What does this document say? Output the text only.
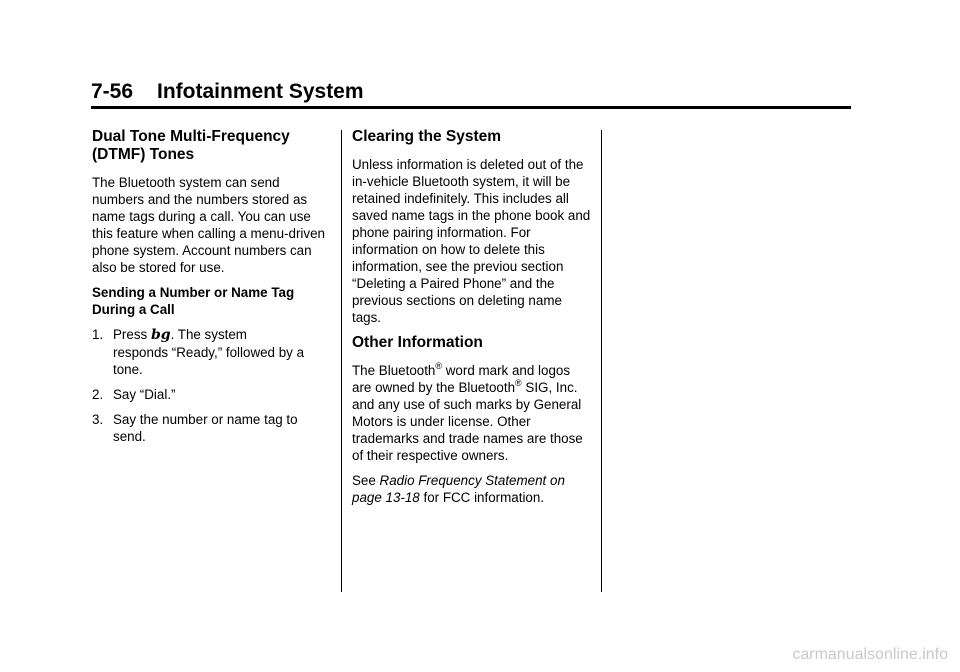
7-56 Infotainment System
Dual Tone Multi-Frequency (DTMF) Tones

The Bluetooth system can send numbers and the numbers stored as name tags during a call. You can use this feature when calling a menu-driven phone system. Account numbers can also be stored for use.

Sending a Number or Name Tag During a Call

1. Press bg. The system
responds “Ready,” followed by a tone.
2. Say “Dial.”
3. Say the number or name tag to send.
Clearing the System

Unless information is deleted out of the in-vehicle Bluetooth system, it will be retained indefinitely. This includes all saved name tags in the phone book and phone pairing information. For information on how to delete this information, see the previou section “Deleting a Paired Phone” and the previous sections on deleting name tags.

Other Information

The Bluetooth® word mark and logos are owned by the Bluetooth® SIG, Inc. and any use of such marks by General Motors is under license. Other trademarks and trade names are those of their respective owners.

See Radio Frequency Statement on page 13-18 for FCC information.

carmanualsonline.info
